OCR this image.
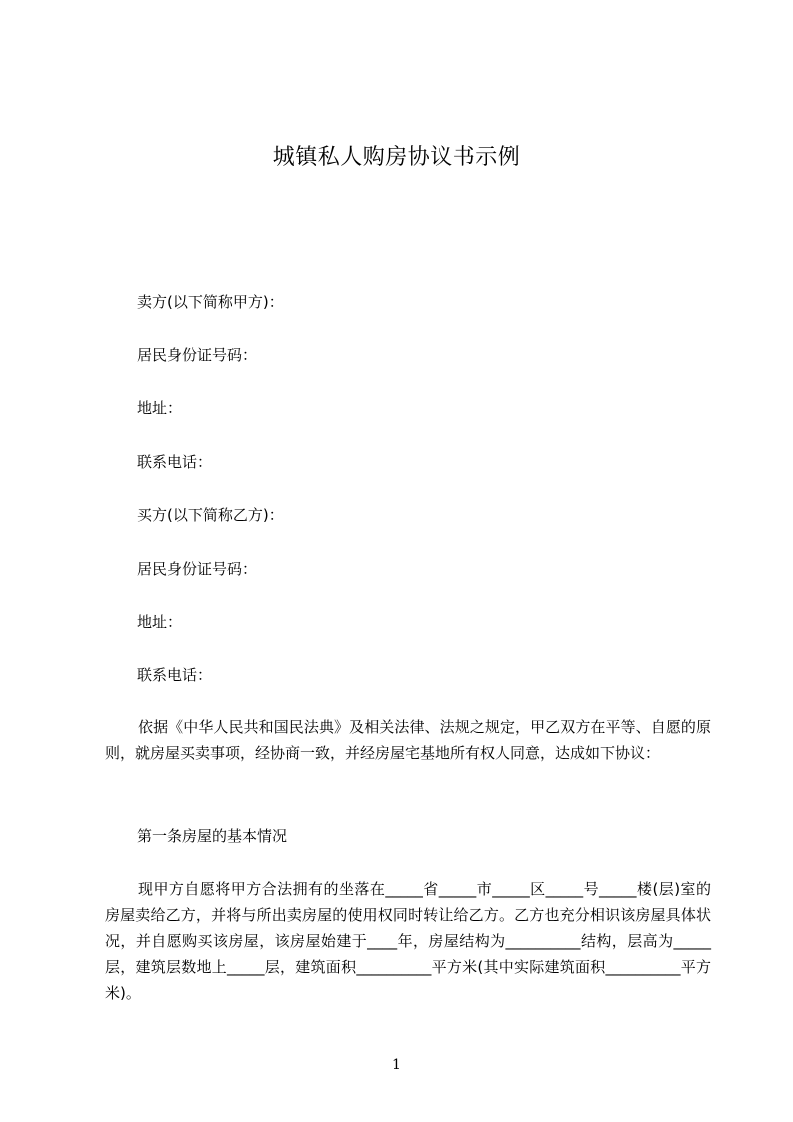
城镇私人购房协议书示例

卖方(以下简称甲方)：

居民身份证号码：

地址：

联系电话：

买方(以下简称乙方)：

居民身份证号码：

地址：

联系电话：

依据《中华人民共和国民法典》及相关法律、法规之规定，甲乙双方在平等、自愿的原则，就房屋买卖事项，经协商一致，并经房屋宅基地所有权人同意，达成如下协议：

第一条房屋的基本情况

现甲方自愿将甲方合法拥有的坐落在_____省_____市_____区_____号_____楼(层)室的房屋卖给乙方，并将与所出卖房屋的使用权同时转让给乙方。乙方也充分相识该房屋具体状况，并自愿购买该房屋，该房屋始建于____年，房屋结构为__________结构，层高为_____层，建筑层数地上_____层，建筑面积__________平方米(其中实际建筑面积__________平方米)。

1
